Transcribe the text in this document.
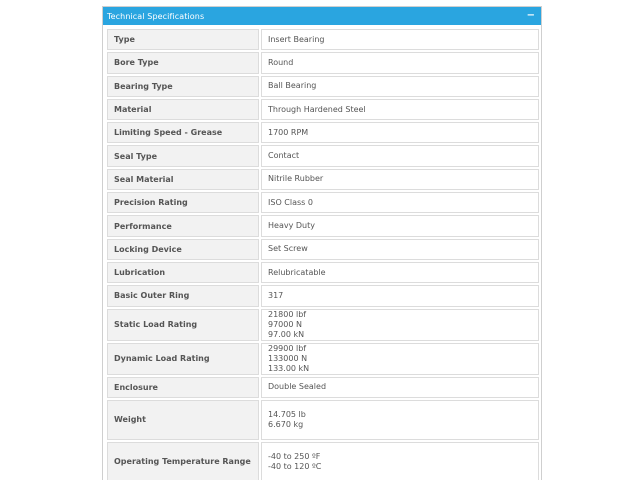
Technical Specifications	−
Type	Insert Bearing

Bore Type	Round

Bearing Type	Ball Bearing

Material	Through Hardened Steel

Limiting Speed - Grease	1700 RPM

Seal Type	Contact

Seal Material	Nitrile Rubber

Precision Rating	ISO Class 0

Performance	Heavy Duty

Locking Device	Set Screw

Lubrication	Relubricatable

Basic Outer Ring	317

Static Load Rating	21800 lbf
97000 N
97.00 kN

Dynamic Load Rating	29900 lbf
133000 N
133.00 kN

Enclosure	Double Sealed

Weight	14.705 lb
6.670 kg

Operating Temperature Range	-40 to 250 ºF
-40 to 120 ºC
